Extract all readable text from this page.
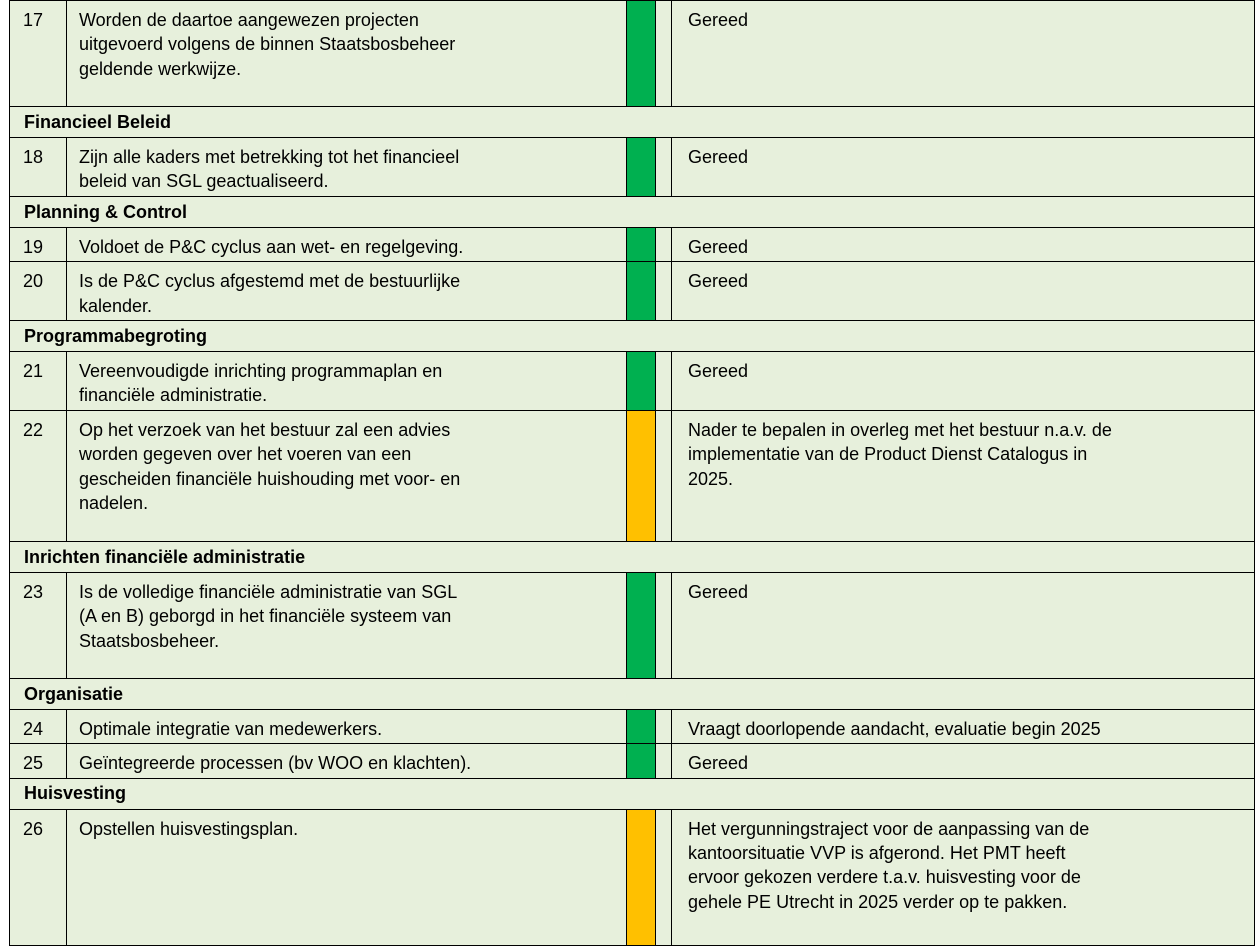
17	Worden de daartoe aangewezen projecten
uitgevoerd volgens de binnen Staatsbosbeheer
geldende werkwijze.			Gereed

Financieel Beleid				
18	Zijn alle kaders met betrekking tot het financieel
beleid van SGL geactualiseerd.			Gereed

Planning & Control				
19	Voldoet de P&C cyclus aan wet- en regelgeving.			Gereed

20	Is de P&C cyclus afgestemd met de bestuurlijke
kalender.			Gereed

Programmabegroting				
21	Vereenvoudigde inrichting programmaplan en
financiële administratie.			Gereed

22	Op het verzoek van het bestuur zal een advies
worden gegeven over het voeren van een
gescheiden financiële huishouding met voor- en
nadelen.			Nader te bepalen in overleg met het bestuur n.a.v. de
implementatie van de Product Dienst Catalogus in
2025.

Inrichten financiële administratie				
23	Is de volledige financiële administratie van SGL
(A en B) geborgd in het financiële systeem van
Staatsbosbeheer.			Gereed

Organisatie				
24	Optimale integratie van medewerkers.			Vraagt doorlopende aandacht, evaluatie begin 2025

25	Geïntegreerde processen (bv WOO en klachten).			Gereed

Huisvesting				
26	Opstellen huisvestingsplan.			Het vergunningstraject voor de aanpassing van de
kantoorsituatie VVP is afgerond. Het PMT heeft
ervoor gekozen verdere t.a.v. huisvesting voor de
gehele PE Utrecht in 2025 verder op te pakken.
